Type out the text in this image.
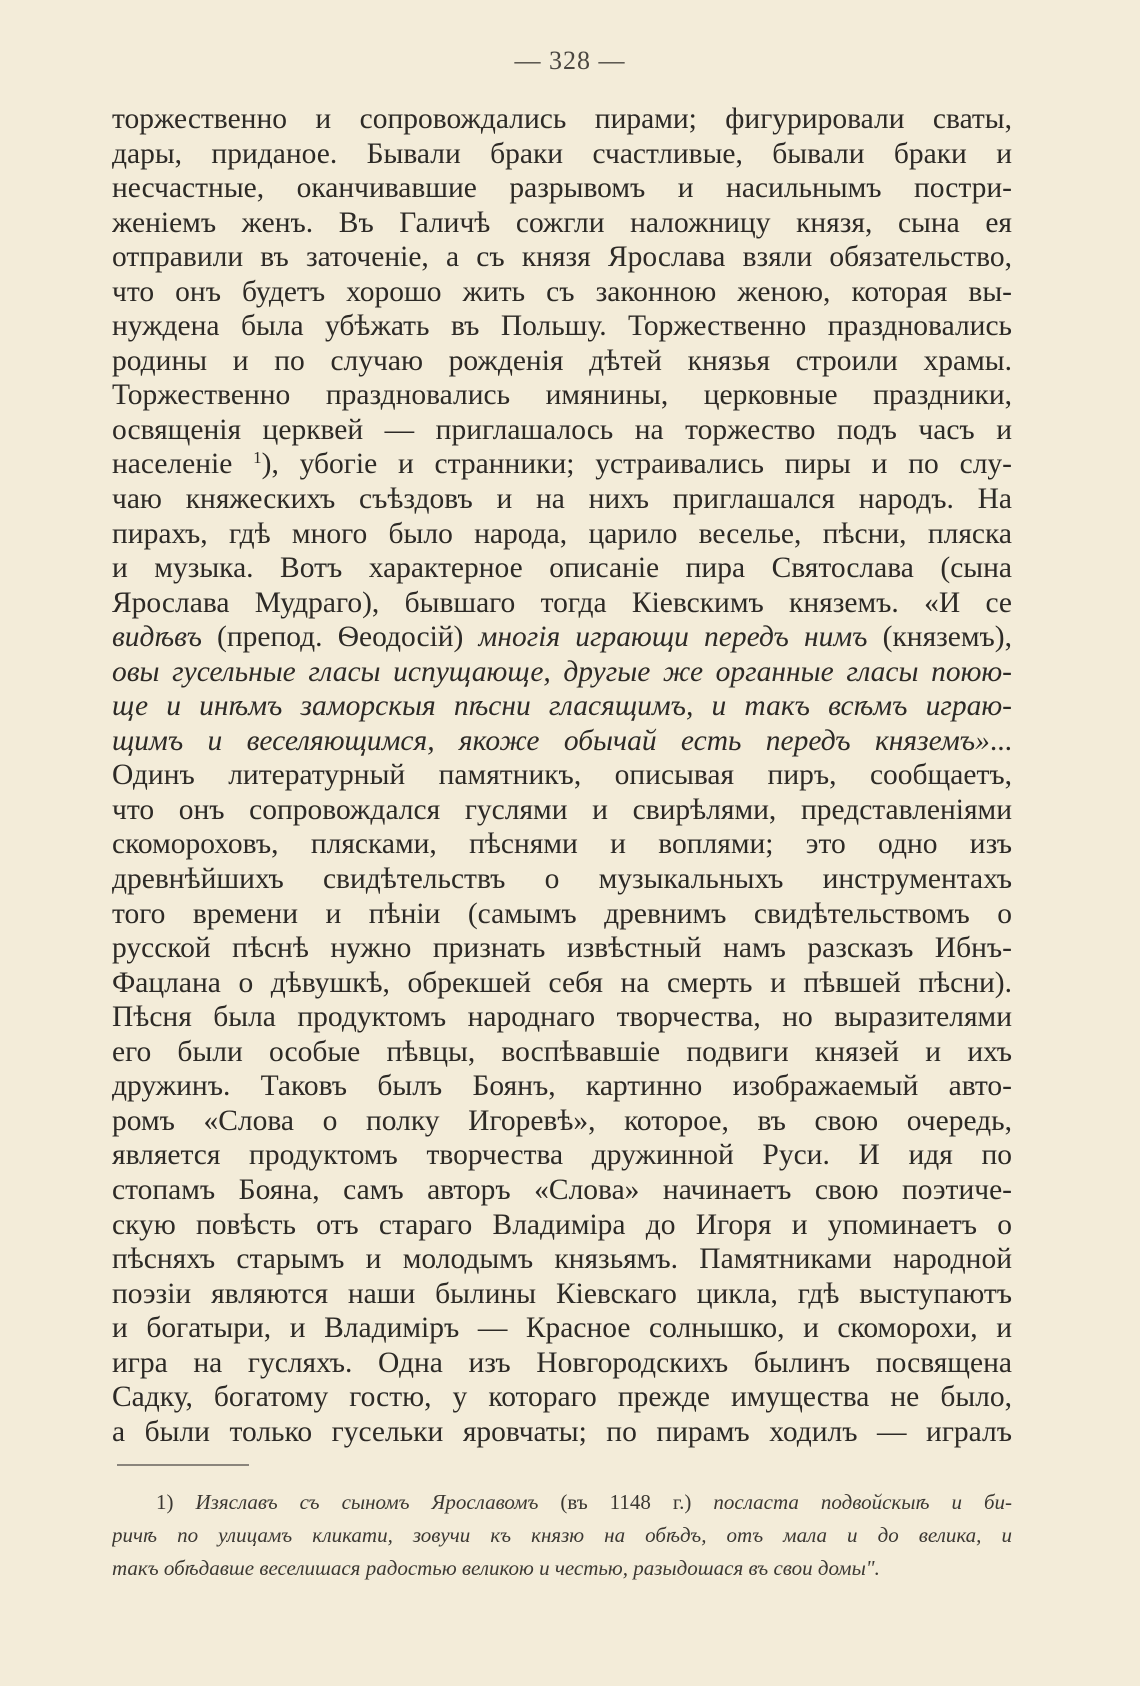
— 328 —
торжественно и сопровождались пирами; фигурировали сваты,
дары, приданое. Бывали браки счастливые, бывали браки и
несчастные, оканчивавшие разрывомъ и насильнымъ постри-
женіемъ женъ. Въ Галичѣ сожгли наложницу князя, сына ея
отправили въ заточеніе, а съ князя Ярослава взяли обязательство,
что онъ будетъ хорошо жить съ законною женою, которая вы-
нуждена была убѣжать въ Польшу. Торжественно праздновались
родины и по случаю рожденія дѣтей князья строили храмы.
Торжественно праздновались имянины, церковные праздники,
освященія церквей — приглашалось на торжество подъ часъ и
населеніе $^1$), убогіе и странники; устраивались пиры и по слу-
чаю княжескихъ съѣздовъ и на нихъ приглашался народъ. На
пирахъ, гдѣ много было народа, царило веселье, пѣсни, пляска
и музыка. Вотъ характерное описаніе пира Святослава (сына
Ярослава Мудраго), бывшаго тогда Кіевскимъ княземъ. «И се
видѣвъ (препод. Ѳеодосій) многія играющи передъ нимъ (княземъ),
овы гусельные гласы испущающе, другые же органные гласы поюю-
ще и инѣмъ заморскыя пѣсни гласящимъ, и такъ всѣмъ играю-
щимъ и веселяющимся, якоже обычай есть передъ княземъ»...
Одинъ литературный памятникъ, описывая пиръ, сообщаетъ,
что онъ сопровождался гуслями и свирѣлями, представленіями
скомороховъ, плясками, пѣснями и воплями; это одно изъ
древнѣйшихъ свидѣтельствъ о музыкальныхъ инструментахъ
того времени и пѣніи (самымъ древнимъ свидѣтельствомъ о
русской пѣснѣ нужно признать извѣстный намъ разсказъ Ибнъ-
Фацлана о дѣвушкѣ, обрекшей себя на смерть и пѣвшей пѣсни).
Пѣсня была продуктомъ народнаго творчества, но выразителями
его были особые пѣвцы, воспѣвавшіе подвиги князей и ихъ
дружинъ. Таковъ былъ Боянъ, картинно изображаемый авто-
ромъ «Слова о полку Игоревѣ», которое, въ свою очередь,
является продуктомъ творчества дружинной Руси. И идя по
стопамъ Бояна, самъ авторъ «Слова» начинаетъ свою поэтиче-
скую повѣсть отъ стараго Владиміра до Игоря и упоминаетъ о
пѣсняхъ старымъ и молодымъ князьямъ. Памятниками народной
поэзіи являются наши былины Кіевскаго цикла, гдѣ выступаютъ
и богатыри, и Владиміръ — Красное солнышко, и скоморохи, и
игра на гусляхъ. Одна изъ Новгородскихъ былинъ посвящена
Садку, богатому гостю, у котораго прежде имущества не было,
а были только гусельки яровчаты; по пирамъ ходилъ — игралъ
1) Изяславъ съ сыномъ Ярославомъ (въ 1148 г.) посласта подвойскыѣ и би-
ричѣ по улицамъ кликати, зовучи къ князю на обѣдъ, отъ мала и до велика, и
такъ обѣдавше веселишася радостью великою и честью, разыдошася въ свои домы".
